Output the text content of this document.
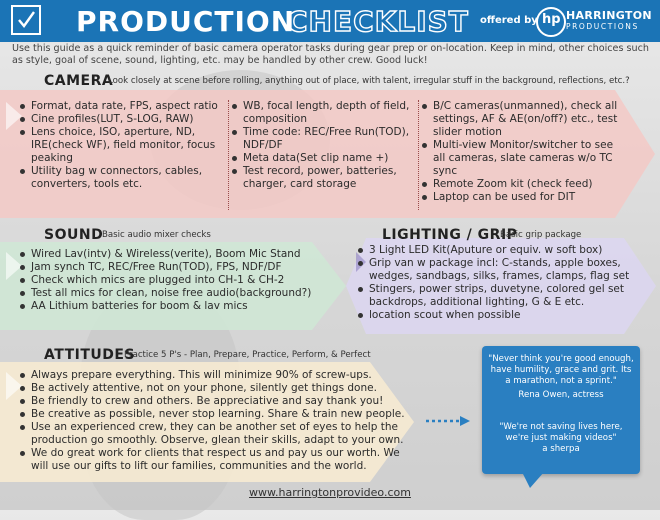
PRODUCTION
CHECKLIST offered by hp HARRINGTON
PRODUCTIONS
Use this guide as a quick reminder of basic camera operator tasks during gear prep or on-location. Keep in mind, other choices such as style, goal of scene, sound, lighting, etc. may be handled by other crew. Good luck!
CAMERA
Look closely at scene before rolling, anything out of place, with talent, irregular stuff in the background, reflections, etc.?
Format, data rate, FPS, aspect ratio
Cine profiles(LUT, S-LOG, RAW)
Lens choice, ISO, aperture, ND, IRE(check WF), field monitor, focus peaking
Utility bag w connectors, cables, converters, tools etc.
WB, focal length, depth of field, composition
Time code: REC/Free Run(TOD), NDF/DF
Meta data(Set clip name +)
Test record, power, batteries, charger, card storage
B/C cameras(unmanned), check all settings, AF & AE(on/off?) etc., test slider motion
Multi-view Monitor/switcher to see all cameras, slate cameras w/o TC sync
Remote Zoom kit (check feed)
Laptop can be used for DIT
SOUND
Basic audio mixer checks
Wired Lav(intv) & Wireless(verite), Boom Mic Stand
Jam synch TC, REC/Free Run(TOD), FPS, NDF/DF
Check which mics are plugged into CH-1 & CH-2
Test all mics for clean, noise free audio(background?)
AA Lithium batteries for boom & lav mics
LIGHTING / GRIP
Basic grip package
3 Light LED Kit(Aputure or equiv. w soft box)
Grip van w package incl: C-stands, apple boxes, wedges, sandbags, silks, frames, clamps, flag set
Stingers, power strips, duvetyne, colored gel set backdrops, additional lighting, G & E etc.
location scout when possible
ATTITUDES
Practice 5 P's - Plan, Prepare, Practice, Perform, & Perfect
Always prepare everything. This will minimize 90% of screw-ups.
Be actively attentive, not on your phone, silently get things done.
Be friendly to crew and others. Be appreciative and say thank you!
Be creative as possible, never stop learning. Share & train new people.
Use an experienced crew, they can be another set of eyes to help the production go smoothly. Observe, glean their skills, adapt to your own.
We do great work for clients that respect us and pay us our worth. We will use our gifts to lift our families, communities and the world.
"Never think you're good enough, have humility, grace and grit. Its a marathon, not a sprint."
Rena Owen, actress
"We're not saving lives here, we're just making videos"
a sherpa
www.harringtonprovideo.com
